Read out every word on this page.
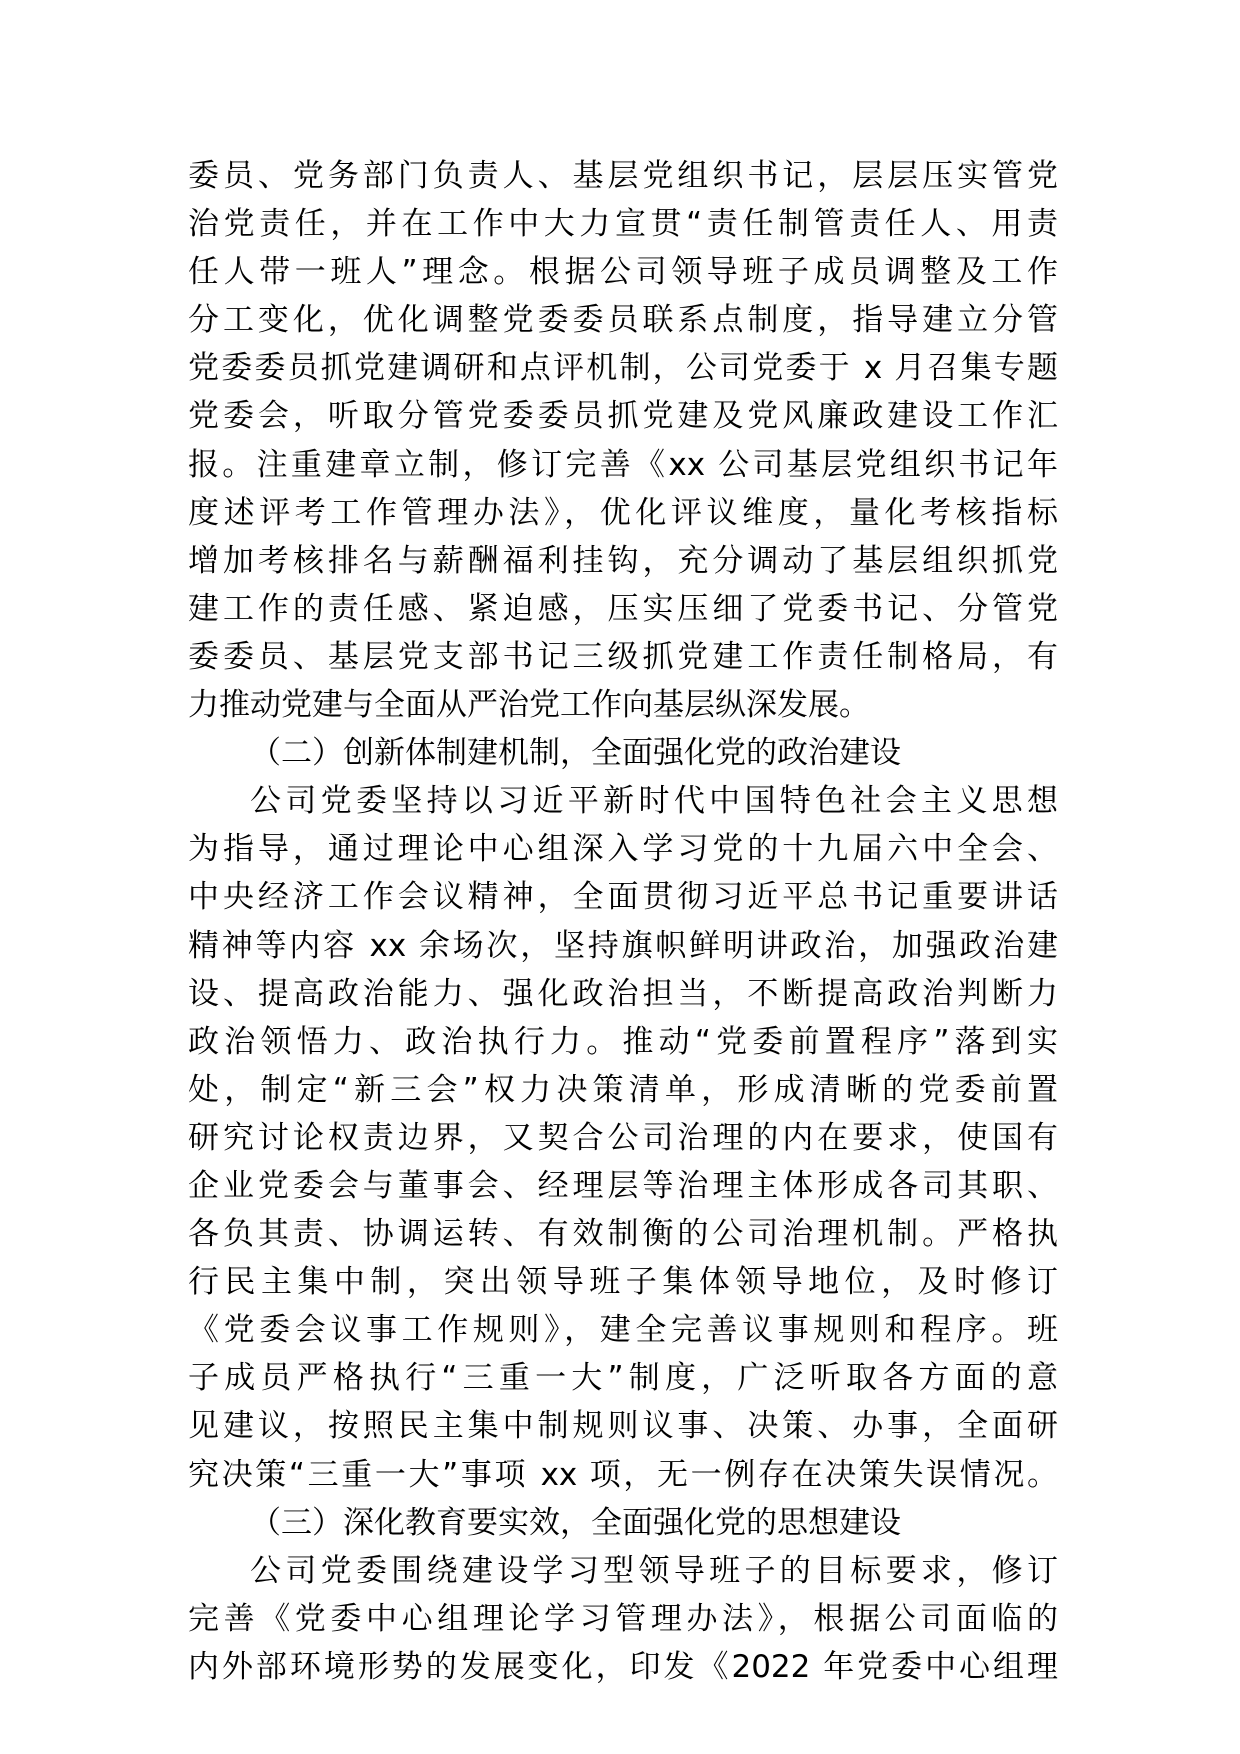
委员、党务部门负责人、基层党组织书记，层层压实管党
治党责任，并在工作中大力宣贯“责任制管责任人、用责
任人带一班人”理念。根据公司领导班子成员调整及工作
分工变化，优化调整党委委员联系点制度，指导建立分管
党委委员抓党建调研和点评机制，公司党委于 x 月召集专题
党委会，听取分管党委委员抓党建及党风廉政建设工作汇
报。注重建章立制，修订完善《xx 公司基层党组织书记年
度述评考工作管理办法》，优化评议维度，量化考核指标
增加考核排名与薪酬福利挂钩，充分调动了基层组织抓党
建工作的责任感、紧迫感，压实压细了党委书记、分管党
委委员、基层党支部书记三级抓党建工作责任制格局，有
力推动党建与全面从严治党工作向基层纵深发展。
（二）创新体制建机制，全面强化党的政治建设
公司党委坚持以习近平新时代中国特色社会主义思想
为指导，通过理论中心组深入学习党的十九届六中全会、
中央经济工作会议精神，全面贯彻习近平总书记重要讲话
精神等内容 xx 余场次，坚持旗帜鲜明讲政治，加强政治建
设、提高政治能力、强化政治担当，不断提高政治判断力
政治领悟力、政治执行力。推动“党委前置程序”落到实
处，制定“新三会”权力决策清单，形成清晰的党委前置
研究讨论权责边界，又契合公司治理的内在要求，使国有
企业党委会与董事会、经理层等治理主体形成各司其职、
各负其责、协调运转、有效制衡的公司治理机制。严格执
行民主集中制，突出领导班子集体领导地位，及时修订
《党委会议事工作规则》，建全完善议事规则和程序。班
子成员严格执行“三重一大”制度，广泛听取各方面的意
见建议，按照民主集中制规则议事、决策、办事，全面研
究决策“三重一大”事项 xx 项，无一例存在决策失误情况。
（三）深化教育要实效，全面强化党的思想建设
公司党委围绕建设学习型领导班子的目标要求，修订
完善《党委中心组理论学习管理办法》，根据公司面临的
内外部环境形势的发展变化，印发《2022 年党委中心组理
